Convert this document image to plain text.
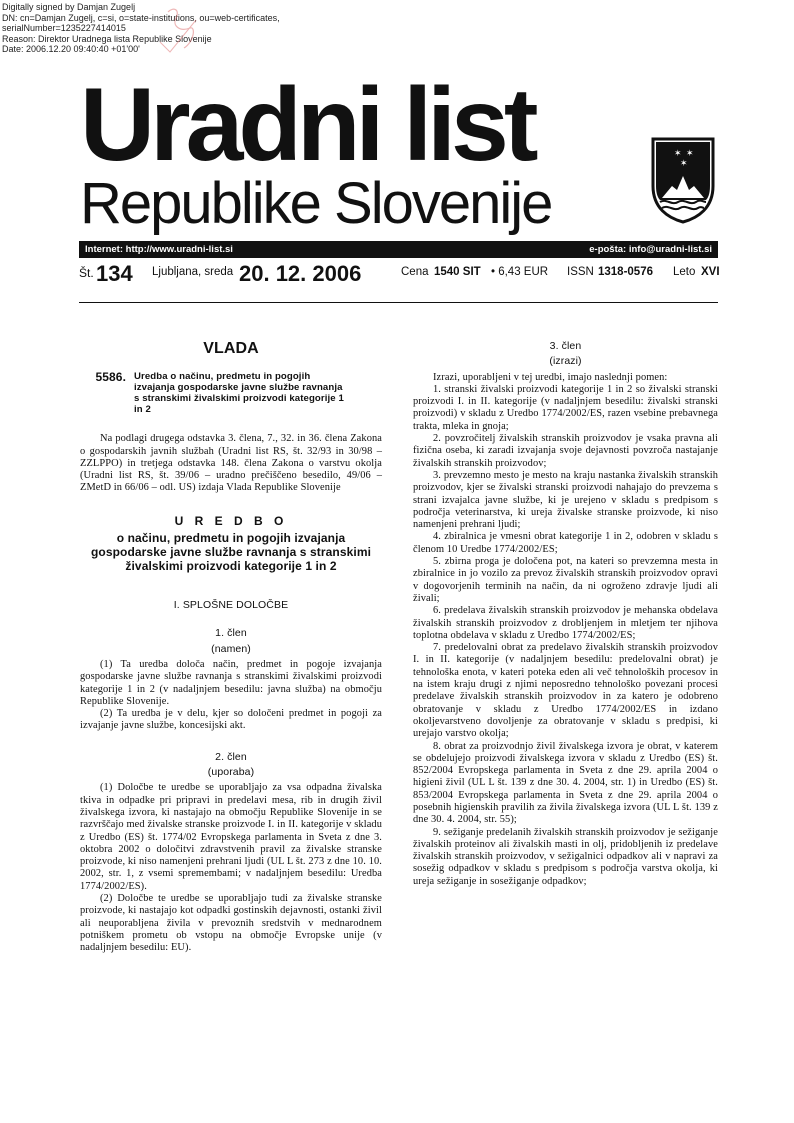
Digitally signed by Damjan Zugelj
DN: cn=Damjan Zugelj, c=si, o=state-institutions, ou=web-certificates,
serialNumber=1235227414015
Reason: Direktor Uradnega lista Republike Slovenije
Date: 2006.12.20 09:40:40 +01'00'
Uradni list
Republike Slovenije
✶ ✶
✶
Internet: http://www.uradni-list.si	e-pošta: info@uradni-list.si
Št. 134 Ljubljana, sreda 20. 12. 2006	Cena 1540 SIT • 6,43 EUR ISSN 1318-0576 Leto XVI
VLADA
5586. Uredba o načinu, predmetu in pogojih izvajanja gospodarske javne službe ravnanja s stranskimi živalskimi proizvodi kategorije 1 in 2

Na podlagi drugega odstavka 3. člena, 7., 32. in 36. člena Zakona o gospodarskih javnih službah (Uradni list RS, št. 32/93 in 30/98 – ZZLPPO) in tretjega odstavka 148. člena Zakona o varstvu okolja (Uradni list RS, št. 39/06 – uradno prečiščeno besedilo, 49/06 – ZMetD in 66/06 – odl. US) izdaja Vlada Republike Slovenije

U R E D B O
o načinu, predmetu in pogojih izvajanja gospodarske javne službe ravnanja s stranskimi živalskimi proizvodi kategorije 1 in 2
I. SPLOŠNE DOLOČBE
1. člen
(namen)

(1) Ta uredba določa način, predmet in pogoje izvajanja gospodarske javne službe ravnanja s stranskimi živalskimi proizvodi kategorije 1 in 2 (v nadaljnjem besedilu: javna služba) na območju Republike Slovenije.

(2) Ta uredba je v delu, kjer so določeni predmet in pogoji za izvajanje javne službe, koncesijski akt.

2. člen
(uporaba)

(1) Določbe te uredbe se uporabljajo za vsa odpadna živalska tkiva in odpadke pri pripravi in predelavi mesa, rib in drugih živil živalskega izvora, ki nastajajo na območju Republike Slovenije in se razvrščajo med živalske stranske proizvode I. in II. kategorije v skladu z Uredbo (ES) št. 1774/02 Evropskega parlamenta in Sveta z dne 3. oktobra 2002 o določitvi zdravstvenih pravil za živalske stranske proizvode, ki niso namenjeni prehrani ljudi (UL L št. 273 z dne 10. 10. 2002, str. 1, z vsemi spremembami; v nadaljnjem besedilu: Uredba 1774/2002/ES).

(2) Določbe te uredbe se uporabljajo tudi za živalske stranske proizvode, ki nastajajo kot odpadki gostinskih dejavnosti, ostanki živil ali neuporabljena živila v prevoznih sredstvih v mednarodnem potniškem prometu ob vstopu na območje Evropske unije (v nadaljnjem besedilu: EU).

3. člen
(izrazi)

Izrazi, uporabljeni v tej uredbi, imajo naslednji pomen:

1. stranski živalski proizvodi kategorije 1 in 2 so živalski stranski proizvodi I. in II. kategorije (v nadaljnjem besedilu: živalski stranski proizvodi) v skladu z Uredbo 1774/2002/ES, razen vsebine prebavnega trakta, mleka in gnoja;

2. povzročitelj živalskih stranskih proizvodov je vsaka pravna ali fizična oseba, ki zaradi izvajanja svoje dejavnosti povzroča nastajanje živalskih stranskih proizvodov;

3. prevzemno mesto je mesto na kraju nastanka živalskih stranskih proizvodov, kjer se živalski stranski proizvodi nahajajo do prevzema s strani izvajalca javne službe, ki je urejeno v skladu s predpisom s področja veterinarstva, ki ureja živalske stranske proizvode, ki niso namenjeni prehrani ljudi;

4. zbiralnica je vmesni obrat kategorije 1 in 2, odobren v skladu s členom 10 Uredbe 1774/2002/ES;

5. zbirna proga je določena pot, na kateri so prevzemna mesta in zbiralnice in jo vozilo za prevoz živalskih stranskih proizvodov opravi v dogovorjenih terminih na način, da ni ogroženo zdravje ljudi ali živali;

6. predelava živalskih stranskih proizvodov je mehanska obdelava živalskih stranskih proizvodov z drobljenjem in mletjem ter njihova toplotna obdelava v skladu z Uredbo 1774/2002/ES;

7. predelovalni obrat za predelavo živalskih stranskih proizvodov I. in II. kategorije (v nadaljnjem besedilu: predelovalni obrat) je tehnološka enota, v kateri poteka eden ali več tehnoloških procesov in na istem kraju drugi z njimi neposredno tehnološko povezani procesi predelave živalskih stranskih proizvodov in za katero je odobreno obratovanje v skladu z Uredbo 1774/2002/ES in izdano okoljevarstveno dovoljenje za obratovanje v skladu s predpisi, ki urejajo varstvo okolja;

8. obrat za proizvodnjo živil živalskega izvora je obrat, v katerem se obdelujejo proizvodi živalskega izvora v skladu z Uredbo (ES) št. 852/2004 Evropskega parlamenta in Sveta z dne 29. aprila 2004 o higieni živil (UL L št. 139 z dne 30. 4. 2004, str. 1) in Uredbo (ES) št. 853/2004 Evropskega parlamenta in Sveta z dne 29. aprila 2004 o posebnih higienskih pravilih za živila živalskega izvora (UL L št. 139 z dne 30. 4. 2004, str. 55);

9. sežiganje predelanih živalskih stranskih proizvodov je sežiganje živalskih proteinov ali živalskih masti in olj, pridobljenih iz predelave živalskih stranskih proizvodov, v sežigalnici odpadkov ali v napravi za sosežig odpadkov v skladu s predpisom s področja varstva okolja, ki ureja sežiganje in sosežiganje odpadkov;
